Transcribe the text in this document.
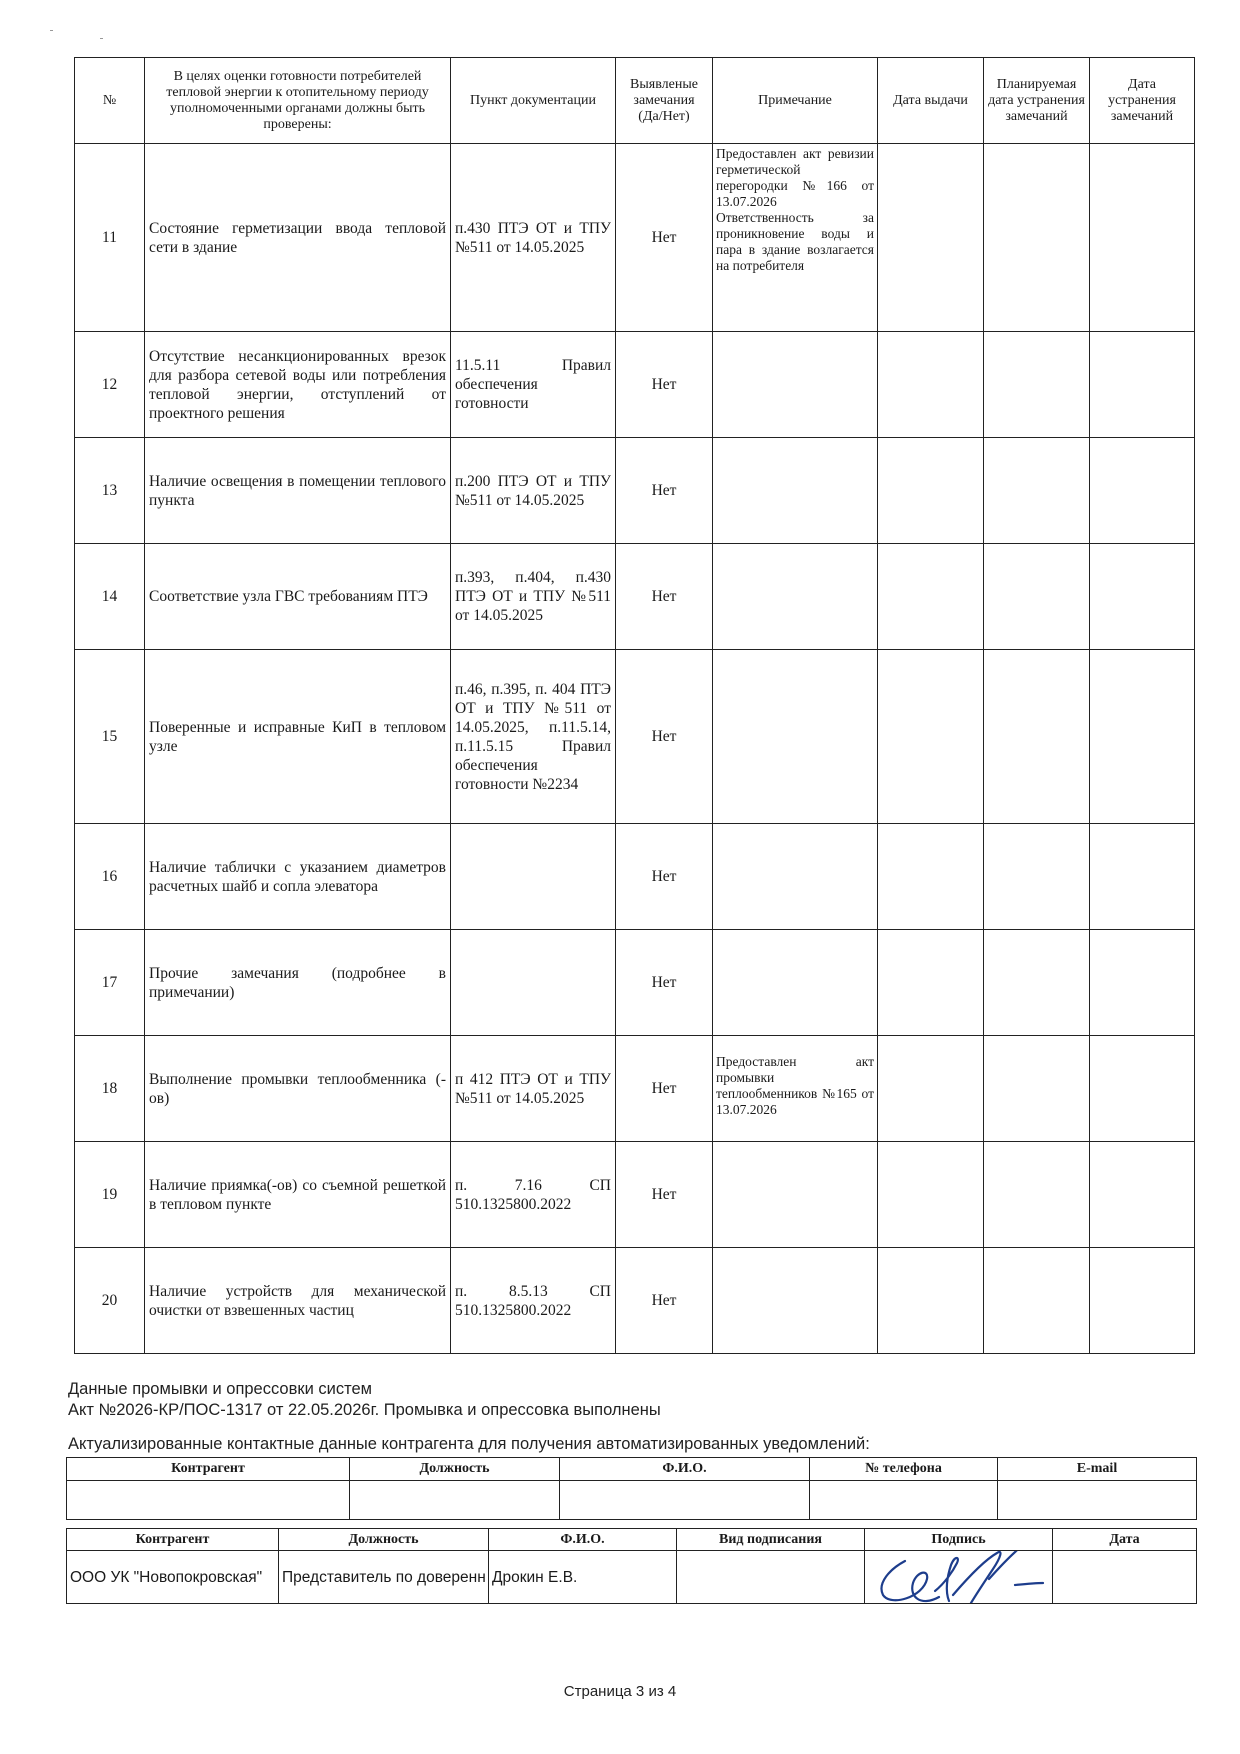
№	В целях оценки готовности потребителей тепловой энергии к отопительному периоду уполномоченными органами должны быть проверены:	Пункт документации	Выявленые замечания (Да/Нет)	Примечание	Дата выдачи	Планируемая дата устранения замечаний	Дата устранения замечаний
11	Состояние герметизации ввода тепловой сети в здание	п.430 ПТЭ ОТ и ТПУ №511 от 14.05.2025	Нет	Предоставлен акт ревизии герметической перегородки №166 от 13.07.2026 Ответственность за проникновение воды и пара в здание возлагается на потребителя			
12	Отсутствие несанкционированных врезок для разбора сетевой воды или потребления тепловой энергии, отступлений от проектного решения	11.5.11 Правил обеспечения готовности	Нет				
13	Наличие освещения в помещении теплового пункта	п.200 ПТЭ ОТ и ТПУ №511 от 14.05.2025	Нет				
14	Соответствие узла ГВС требованиям ПТЭ	п.393, п.404, п.430 ПТЭ ОТ и ТПУ №511 от 14.05.2025	Нет				
15	Поверенные и исправные КиП в тепловом узле	п.46, п.395, п. 404 ПТЭ ОТ и ТПУ №511 от 14.05.2025, п.11.5.14, п.11.5.15 Правил обеспечения готовности №2234	Нет				
16	Наличие таблички с указанием диаметров расчетных шайб и сопла элеватора		Нет				
17	Прочие замечания (подробнее в примечании)		Нет				
18	Выполнение промывки теплообменника (-ов)	п 412 ПТЭ ОТ и ТПУ №511 от 14.05.2025	Нет	Предоставлен акт промывки теплообменников №165 от 13.07.2026			
19	Наличие приямка(-ов) со съемной решеткой в тепловом пункте	п. 7.16 СП 510.1325800.2022	Нет				
20	Наличие устройств для механической очистки от взвешенных частиц	п. 8.5.13 СП 510.1325800.2022	Нет				
Данные промывки и опрессовки систем
Акт №2026-КР/ПОС-1317 от 22.05.2026г. Промывка и опрессовка выполнены
Актуализированные контактные данные контрагента для получения автоматизированных уведомлений:
Контрагент	Должность	Ф.И.О.	№ телефона	E-mail

Контрагент	Должность	Ф.И.О.	Вид подписания	Подпись	Дата
ООО УК "Новопокровская"	Представитель по доверенн	Дрокин Е.В.		

Страница 3 из 4
